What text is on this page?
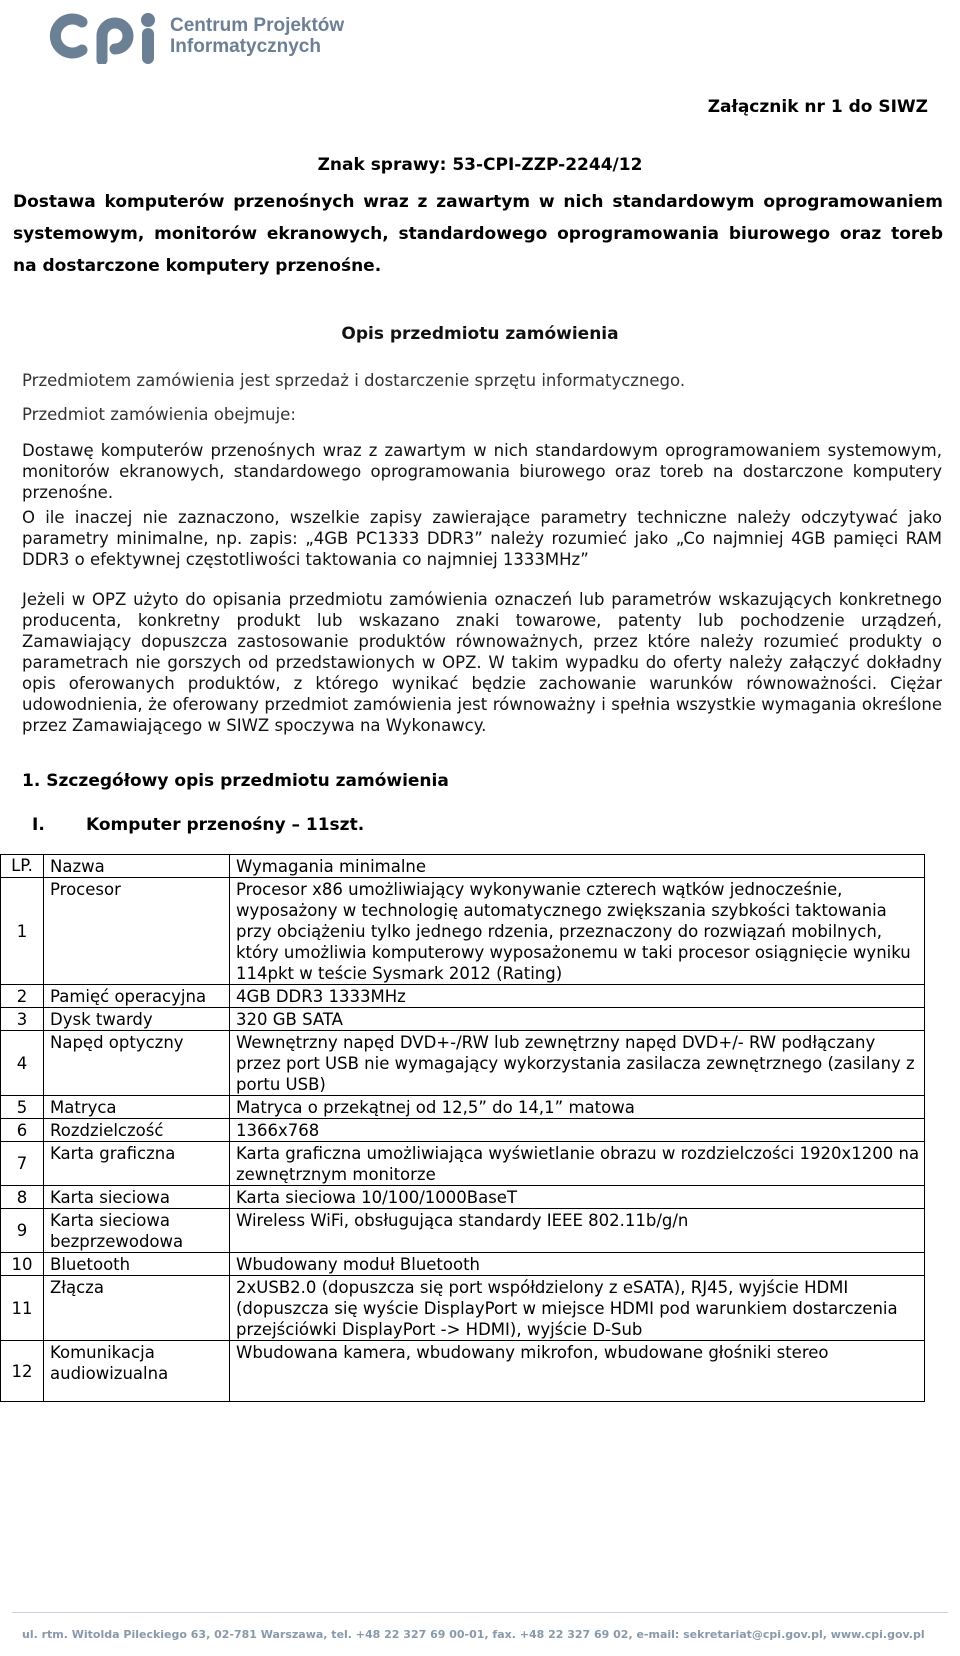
Centrum Projektów
Informatycznych
Załącznik nr 1 do SIWZ
Znak sprawy: 53-CPI-ZZP-2244/12
Dostawa komputerów przenośnych wraz z zawartym w nich standardowym oprogramowaniem systemowym, monitorów ekranowych, standardowego oprogramowania biurowego oraz toreb na dostarczone komputery przenośne.
Opis przedmiotu zamówienia
Przedmiotem zamówienia jest sprzedaż i dostarczenie sprzętu informatycznego.
Przedmiot zamówienia obejmuje:
Dostawę komputerów przenośnych wraz z zawartym w nich standardowym oprogramowaniem systemowym, monitorów ekranowych, standardowego oprogramowania biurowego oraz toreb na dostarczone komputery przenośne.
O ile inaczej nie zaznaczono, wszelkie zapisy zawierające parametry techniczne należy odczytywać jako parametry minimalne, np. zapis: „4GB PC1333 DDR3” należy rozumieć jako „Co najmniej 4GB pamięci RAM DDR3 o efektywnej częstotliwości taktowania co najmniej 1333MHz”
Jeżeli w OPZ użyto do opisania przedmiotu zamówienia oznaczeń lub parametrów wskazujących konkretnego producenta, konkretny produkt lub wskazano znaki towarowe, patenty lub pochodzenie urządzeń, Zamawiający dopuszcza zastosowanie produktów równoważnych, przez które należy rozumieć produkty o parametrach nie gorszych od przedstawionych w OPZ. W takim wypadku do oferty należy załączyć dokładny opis oferowanych produktów, z którego wynikać będzie zachowanie warunków równoważności. Ciężar udowodnienia, że oferowany przedmiot zamówienia jest równoważny i spełnia wszystkie wymagania określone przez Zamawiającego w SIWZ spoczywa na Wykonawcy.
1. Szczegółowy opis przedmiotu zamówienia
I. Komputer przenośny – 11szt.
LP.	Nazwa	Wymagania minimalne
1	Procesor	Procesor x86 umożliwiający wykonywanie czterech wątków jednocześnie, wyposażony w technologię automatycznego zwiększania szybkości taktowania przy obciążeniu tylko jednego rdzenia, przeznaczony do rozwiązań mobilnych, który umożliwia komputerowy wyposażonemu w taki procesor osiągnięcie wyniku 114pkt w teście Sysmark 2012 (Rating)
2	Pamięć operacyjna	4GB DDR3 1333MHz
3	Dysk twardy	320 GB SATA
4	Napęd optyczny	Wewnętrzny napęd DVD+-/RW lub zewnętrzny napęd DVD+/- RW podłączany przez port USB nie wymagający wykorzystania zasilacza zewnętrznego (zasilany z portu USB)
5	Matryca	Matryca o przekątnej od 12,5” do 14,1” matowa
6	Rozdzielczość	1366x768
7	Karta graficzna	Karta graficzna umożliwiająca wyświetlanie obrazu w rozdzielczości 1920x1200 na zewnętrznym monitorze
8	Karta sieciowa	Karta sieciowa 10/100/1000BaseT
9	Karta sieciowa bezprzewodowa	Wireless WiFi, obsługująca standardy IEEE 802.11b/g/n
10	Bluetooth	Wbudowany moduł Bluetooth
11	Złącza	2xUSB2.0 (dopuszcza się port współdzielony z eSATA), RJ45, wyjście HDMI (dopuszcza się wyście DisplayPort w miejsce HDMI pod warunkiem dostarczenia przejściówki DisplayPort -> HDMI), wyjście D-Sub
12	Komunikacja audiowizualna	Wbudowana kamera, wbudowany mikrofon, wbudowane głośniki stereo
ul. rtm. Witolda Pileckiego 63, 02-781 Warszawa, tel. +48 22 327 69 00-01, fax. +48 22 327 69 02, e-mail: sekretariat@cpi.gov.pl, www.cpi.gov.pl
